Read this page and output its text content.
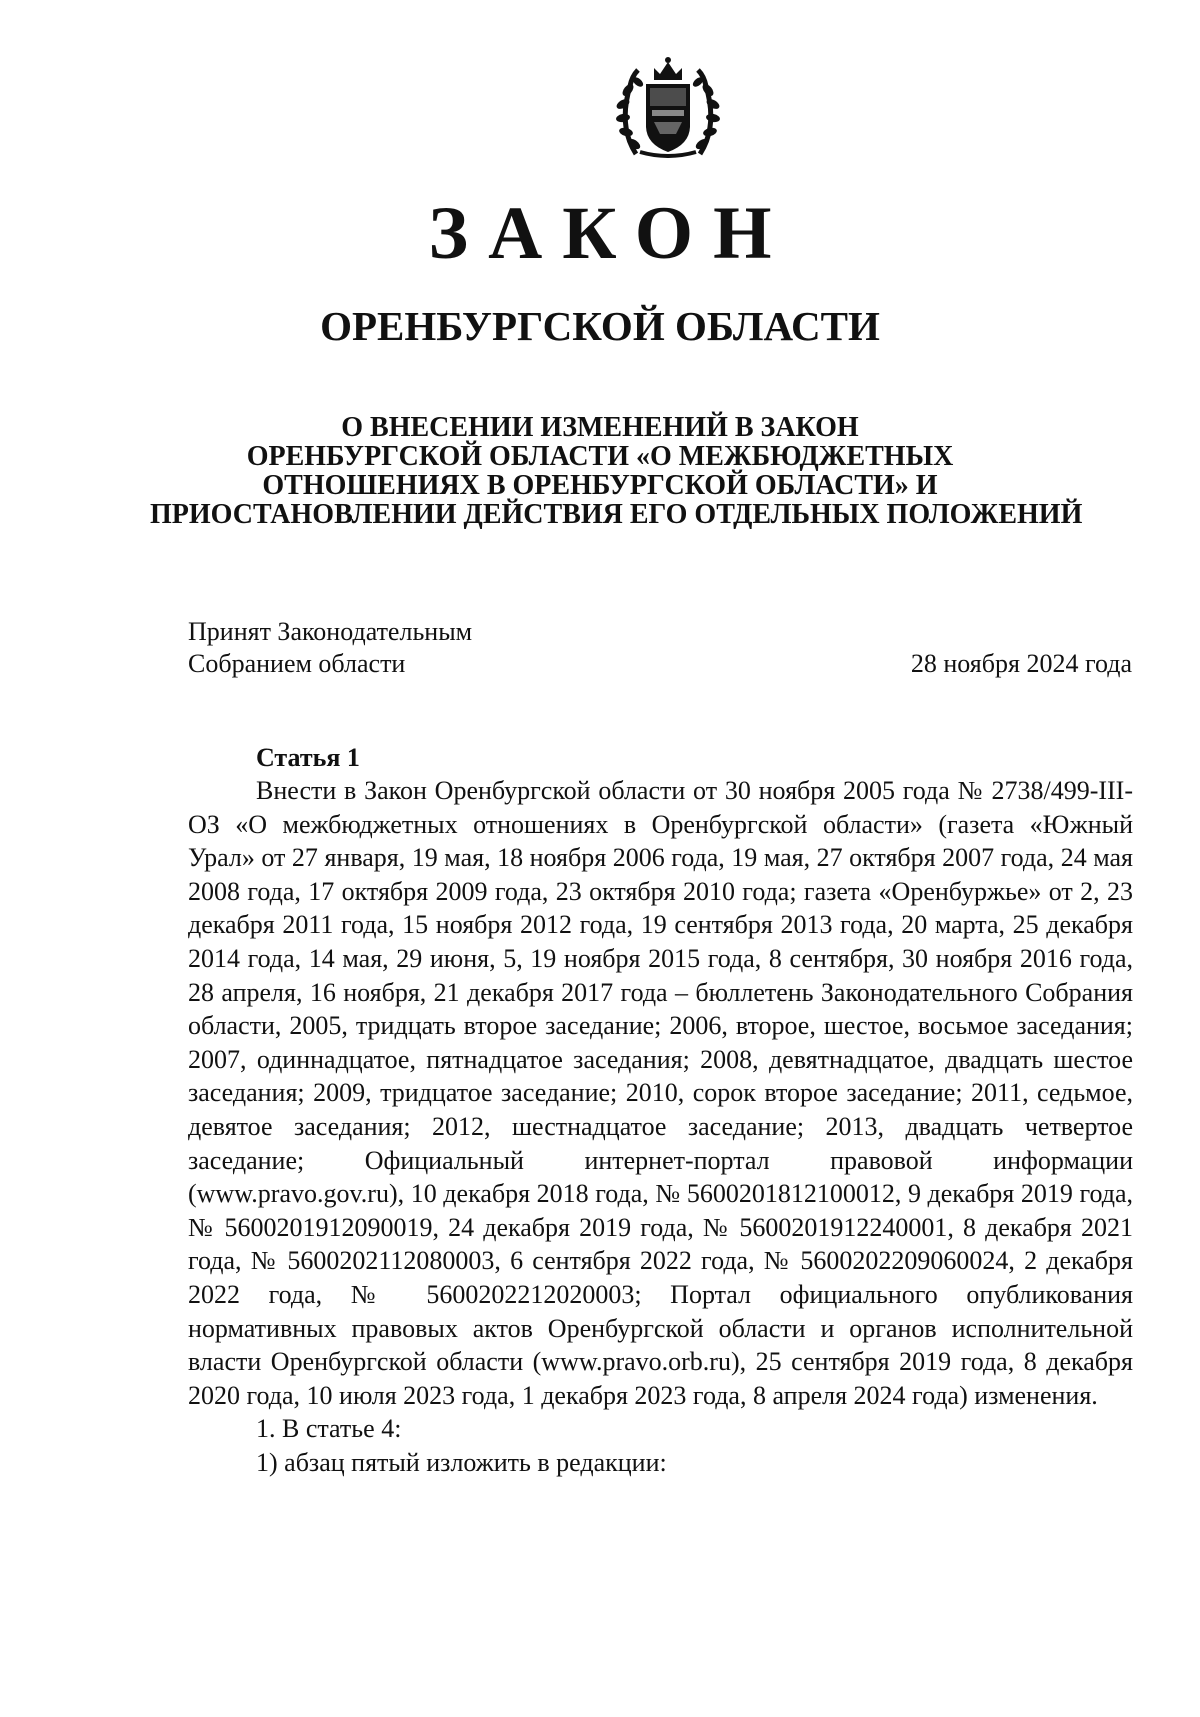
ЗАКОН
ОРЕНБУРГСКОЙ ОБЛАСТИ
О ВНЕСЕНИИ ИЗМЕНЕНИЙ В ЗАКОН
ОРЕНБУРГСКОЙ ОБЛАСТИ «О МЕЖБЮДЖЕТНЫХ
ОТНОШЕНИЯХ В ОРЕНБУРГСКОЙ ОБЛАСТИ» И
ПРИОСТАНОВЛЕНИИ ДЕЙСТВИЯ ЕГО ОТДЕЛЬНЫХ ПОЛОЖЕНИЙ
Принят Законодательным
Собранием области	28 ноября 2024 года
Статья 1

Внести в Закон Оренбургской области от 30 ноября 2005 года № 2738/499-III-ОЗ «О межбюджетных отношениях в Оренбургской области» (газета «Южный Урал» от 27 января, 19 мая, 18 ноября 2006 года, 19 мая, 27 октября 2007 года, 24 мая 2008 года, 17 октября 2009 года, 23 октября 2010 года; газета «Оренбуржье» от 2, 23 декабря 2011 года, 15 ноября 2012 года, 19 сентября 2013 года, 20 марта, 25 декабря 2014 года, 14 мая, 29 июня, 5, 19 ноября 2015 года, 8 сентября, 30 ноября 2016 года, 28 апреля, 16 ноября, 21 декабря 2017 года – бюллетень Законодательного Собрания области, 2005, тридцать второе заседание; 2006, второе, шестое, восьмое заседания; 2007, одиннадцатое, пятнадцатое заседания; 2008, девятнадцатое, двадцать шестое заседания; 2009, тридцатое заседание; 2010, сорок второе заседание; 2011, седьмое, девятое заседания; 2012, шестнадцатое заседание; 2013, двадцать четвертое заседание; Официальный интернет-портал правовой информации (www.pravo.gov.ru), 10 декабря 2018 года, № 5600201812100012, 9 декабря 2019 года, № 5600201912090019, 24 декабря 2019 года, № 5600201912240001, 8 декабря 2021 года, № 5600202112080003, 6 сентября 2022 года, № 5600202209060024, 2 декабря 2022 года, № 5600202212020003; Портал официального опубликования нормативных правовых актов Оренбургской области и органов исполнительной власти Оренбургской области (www.pravo.orb.ru), 25 сентября 2019 года, 8 декабря 2020 года, 10 июля 2023 года, 1 декабря 2023 года, 8 апреля 2024 года) изменения.

1. В статье 4:

1) абзац пятый изложить в редакции:
